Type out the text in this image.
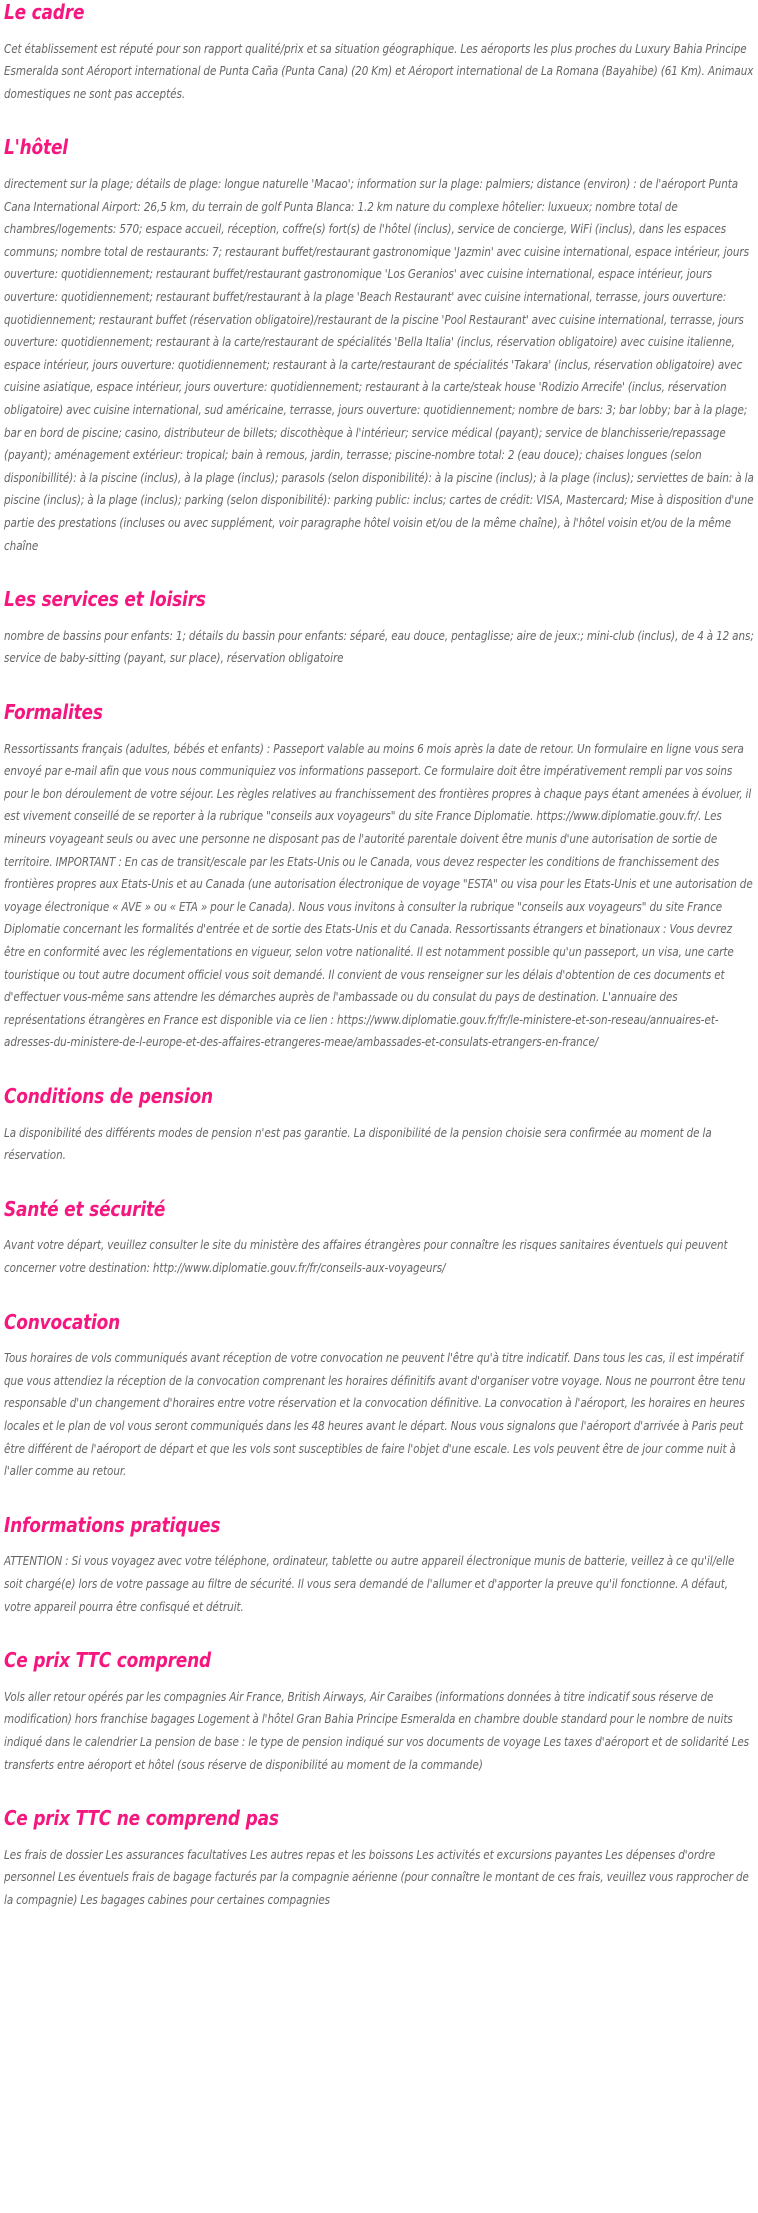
Le cadre

Cet établissement est réputé pour son rapport qualité/prix et sa situation géographique. Les aéroports les plus proches du Luxury Bahia Principe Esmeralda sont Aéroport international de Punta Caña (Punta Cana) (20 Km) et Aéroport international de La Romana (Bayahibe) (61 Km). Animaux domestiques ne sont pas acceptés.

L'hôtel

directement sur la plage; détails de plage: longue naturelle 'Macao'; information sur la plage: palmiers; distance (environ) : de l'aéroport Punta Cana International Airport: 26,5 km, du terrain de golf Punta Blanca: 1.2 km nature du complexe hôtelier: luxueux; nombre total de chambres/logements: 570; espace accueil, réception, coffre(s) fort(s) de l'hôtel (inclus), service de concierge, WiFi (inclus), dans les espaces communs; nombre total de restaurants: 7; restaurant buffet/restaurant gastronomique 'Jazmin' avec cuisine international, espace intérieur, jours ouverture: quotidiennement; restaurant buffet/restaurant gastronomique 'Los Geranios' avec cuisine international, espace intérieur, jours ouverture: quotidiennement; restaurant buffet/restaurant à la plage 'Beach Restaurant' avec cuisine international, terrasse, jours ouverture: quotidiennement; restaurant buffet (réservation obligatoire)/restaurant de la piscine 'Pool Restaurant' avec cuisine international, terrasse, jours ouverture: quotidiennement; restaurant à la carte/restaurant de spécialités 'Bella Italia' (inclus, réservation obligatoire) avec cuisine italienne, espace intérieur, jours ouverture: quotidiennement; restaurant à la carte/restaurant de spécialités 'Takara' (inclus, réservation obligatoire) avec cuisine asiatique, espace intérieur, jours ouverture: quotidiennement; restaurant à la carte/steak house 'Rodizio Arrecife' (inclus, réservation obligatoire) avec cuisine international, sud américaine, terrasse, jours ouverture: quotidiennement; nombre de bars: 3; bar lobby; bar à la plage; bar en bord de piscine; casino, distributeur de billets; discothèque à l'intérieur; service médical (payant); service de blanchisserie/repassage (payant); aménagement extérieur: tropical; bain à remous, jardin, terrasse; piscine-nombre total: 2 (eau douce); chaises longues (selon disponibillité): à la piscine (inclus), à la plage (inclus); parasols (selon disponibilité): à la piscine (inclus); à la plage (inclus); serviettes de bain: à la piscine (inclus); à la plage (inclus); parking (selon disponibilité): parking public: inclus; cartes de crédit: VISA, Mastercard; Mise à disposition d'une partie des prestations (incluses ou avec supplément, voir paragraphe hôtel voisin et/ou de la même chaîne), à l'hôtel voisin et/ou de la même chaîne

Les services et loisirs

nombre de bassins pour enfants: 1; détails du bassin pour enfants: séparé, eau douce, pentaglisse; aire de jeux:; mini-club (inclus), de 4 à 12 ans; service de baby-sitting (payant, sur place), réservation obligatoire

Formalites

Ressortissants français (adultes, bébés et enfants) : Passeport valable au moins 6 mois après la date de retour. Un formulaire en ligne vous sera envoyé par e-mail afin que vous nous communiquiez vos informations passeport. Ce formulaire doit être impérativement rempli par vos soins pour le bon déroulement de votre séjour. Les règles relatives au franchissement des frontières propres à chaque pays étant amenées à évoluer, il est vivement conseillé de se reporter à la rubrique "conseils aux voyageurs" du site France Diplomatie. https://www.diplomatie.gouv.fr/. Les mineurs voyageant seuls ou avec une personne ne disposant pas de l'autorité parentale doivent être munis d'une autorisation de sortie de territoire. IMPORTANT : En cas de transit/escale par les Etats-Unis ou le Canada, vous devez respecter les conditions de franchissement des frontières propres aux Etats-Unis et au Canada (une autorisation électronique de voyage "ESTA" ou visa pour les Etats-Unis et une autorisation de voyage électronique « AVE » ou « ETA » pour le Canada). Nous vous invitons à consulter la rubrique "conseils aux voyageurs" du site France Diplomatie concernant les formalités d'entrée et de sortie des Etats-Unis et du Canada. Ressortissants étrangers et binationaux : Vous devrez être en conformité avec les réglementations en vigueur, selon votre nationalité. Il est notamment possible qu'un passeport, un visa, une carte touristique ou tout autre document officiel vous soit demandé. Il convient de vous renseigner sur les délais d'obtention de ces documents et d'effectuer vous-même sans attendre les démarches auprès de l'ambassade ou du consulat du pays de destination. L'annuaire des représentations étrangères en France est disponible via ce lien : https://www.diplomatie.gouv.fr/fr/le-ministere-et-son-reseau/annuaires-et-adresses-du-ministere-de-l-europe-et-des-affaires-etrangeres-meae/ambassades-et-consulats-etrangers-en-france/

Conditions de pension

La disponibilité des différents modes de pension n'est pas garantie. La disponibilité de la pension choisie sera confirmée au moment de la réservation.

Santé et sécurité

Avant votre départ, veuillez consulter le site du ministère des affaires étrangères pour connaître les risques sanitaires éventuels qui peuvent concerner votre destination: http://www.diplomatie.gouv.fr/fr/conseils-aux-voyageurs/

Convocation

Tous horaires de vols communiqués avant réception de votre convocation ne peuvent l'être qu'à titre indicatif. Dans tous les cas, il est impératif que vous attendiez la réception de la convocation comprenant les horaires définitifs avant d'organiser votre voyage. Nous ne pourront être tenu responsable d'un changement d'horaires entre votre réservation et la convocation définitive. La convocation à l'aéroport, les horaires en heures locales et le plan de vol vous seront communiqués dans les 48 heures avant le départ. Nous vous signalons que l'aéroport d'arrivée à Paris peut être différent de l'aéroport de départ et que les vols sont susceptibles de faire l'objet d'une escale. Les vols peuvent être de jour comme nuit à l'aller comme au retour.

Informations pratiques

ATTENTION : Si vous voyagez avec votre téléphone, ordinateur, tablette ou autre appareil électronique munis de batterie, veillez à ce qu'il/elle soit chargé(e) lors de votre passage au filtre de sécurité. Il vous sera demandé de l'allumer et d'apporter la preuve qu'il fonctionne. A défaut, votre appareil pourra être confisqué et détruit.

Ce prix TTC comprend

Vols aller retour opérés par les compagnies Air France, British Airways, Air Caraibes (informations données à titre indicatif sous réserve de modification) hors franchise bagages Logement à l'hôtel Gran Bahia Principe Esmeralda en chambre double standard pour le nombre de nuits indiqué dans le calendrier La pension de base : le type de pension indiqué sur vos documents de voyage Les taxes d'aéroport et de solidarité Les transferts entre aéroport et hôtel (sous réserve de disponibilité au moment de la commande)

Ce prix TTC ne comprend pas

Les frais de dossier Les assurances facultatives Les autres repas et les boissons Les activités et excursions payantes Les dépenses d'ordre personnel Les éventuels frais de bagage facturés par la compagnie aérienne (pour connaître le montant de ces frais, veuillez vous rapprocher de la compagnie) Les bagages cabines pour certaines compagnies
